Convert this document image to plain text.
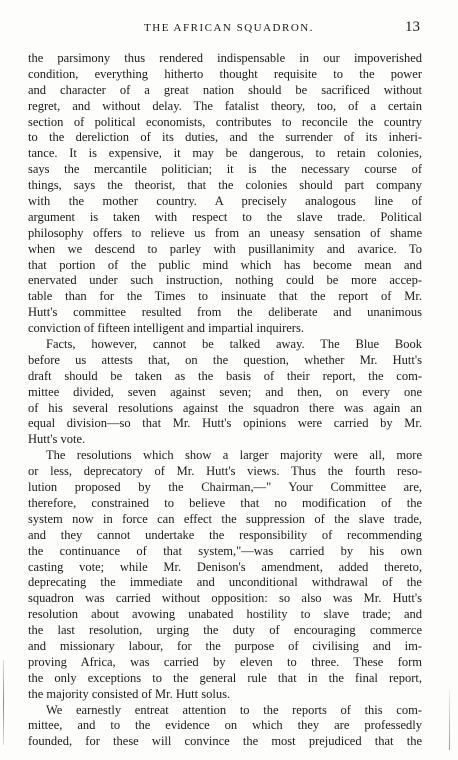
THE AFRICAN SQUADRON.	13
the parsimony thus rendered indispensable in our impoverished
condition, everything hitherto thought requisite to the power
and character of a great nation should be sacrificed without
regret, and without delay. The fatalist theory, too, of a certain
section of political economists, contributes to reconcile the country
to the dereliction of its duties, and the surrender of its inheri-
tance. It is expensive, it may be dangerous, to retain colonies,
says the mercantile politician; it is the necessary course of
things, says the theorist, that the colonies should part company
with the mother country. A precisely analogous line of
argument is taken with respect to the slave trade. Political
philosophy offers to relieve us from an uneasy sensation of shame
when we descend to parley with pusillanimity and avarice. To
that portion of the public mind which has become mean and
enervated under such instruction, nothing could be more accep-
table than for the Times to insinuate that the report of Mr.
Hutt's committee resulted from the deliberate and unanimous
conviction of fifteen intelligent and impartial inquirers.
Facts, however, cannot be talked away. The Blue Book
before us attests that, on the question, whether Mr. Hutt's
draft should be taken as the basis of their report, the com-
mittee divided, seven against seven; and then, on every one
of his several resolutions against the squadron there was again an
equal division—so that Mr. Hutt's opinions were carried by Mr.
Hutt's vote.
The resolutions which show a larger majority were all, more
or less, deprecatory of Mr. Hutt's views. Thus the fourth reso-
lution proposed by the Chairman,—" Your Committee are,
therefore, constrained to believe that no modification of the
system now in force can effect the suppression of the slave trade,
and they cannot undertake the responsibility of recommending
the continuance of that system,"—was carried by his own
casting vote; while Mr. Denison's amendment, added thereto,
deprecating the immediate and unconditional withdrawal of the
squadron was carried without opposition: so also was Mr. Hutt's
resolution about avowing unabated hostility to slave trade; and
the last resolution, urging the duty of encouraging commerce
and missionary labour, for the purpose of civilising and im-
proving Africa, was carried by eleven to three. These form
the only exceptions to the general rule that in the final report,
the majority consisted of Mr. Hutt solus.
We earnestly entreat attention to the reports of this com-
mittee, and to the evidence on which they are professedly
founded, for these will convince the most prejudiced that the
